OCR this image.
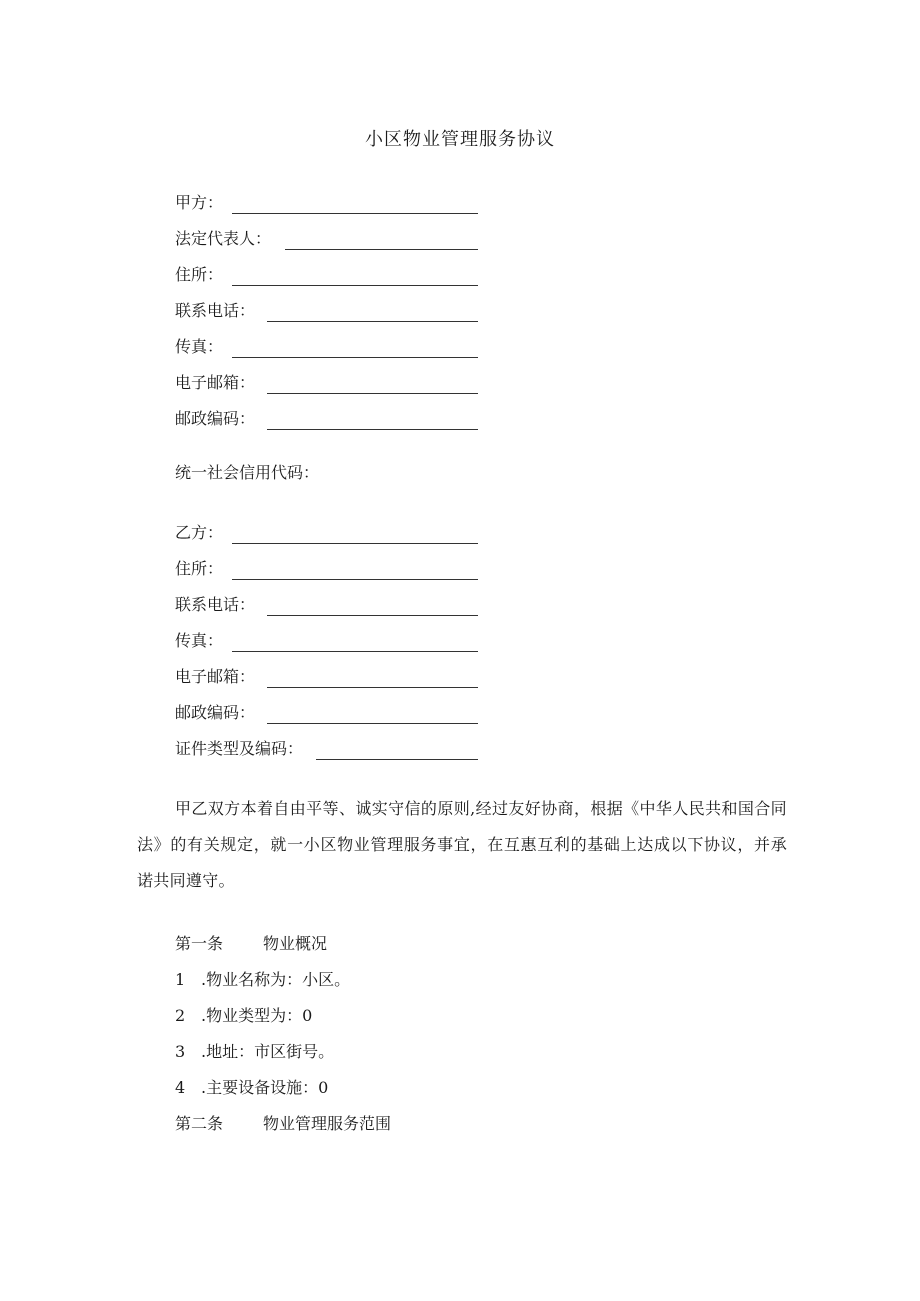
小区物业管理服务协议
甲方：
法定代表人：
住所：
联系电话：
传真：
电子邮箱：
邮政编码：
统一社会信用代码：
乙方：
住所：
联系电话：
传真：
电子邮箱：
邮政编码：
证件类型及编码：
甲乙双方本着自由平等、诚实守信的原则,经过友好协商，根据《中华人民共和国合同法》的有关规定，就一小区物业管理服务事宜，在互惠互利的基础上达成以下协议，并承诺共同遵守。
第一条 物业概况
1 .物业名称为：小区。
2 .物业类型为：0
3 .地址：市区街号。
4 .主要设备设施：0
第二条 物业管理服务范围
